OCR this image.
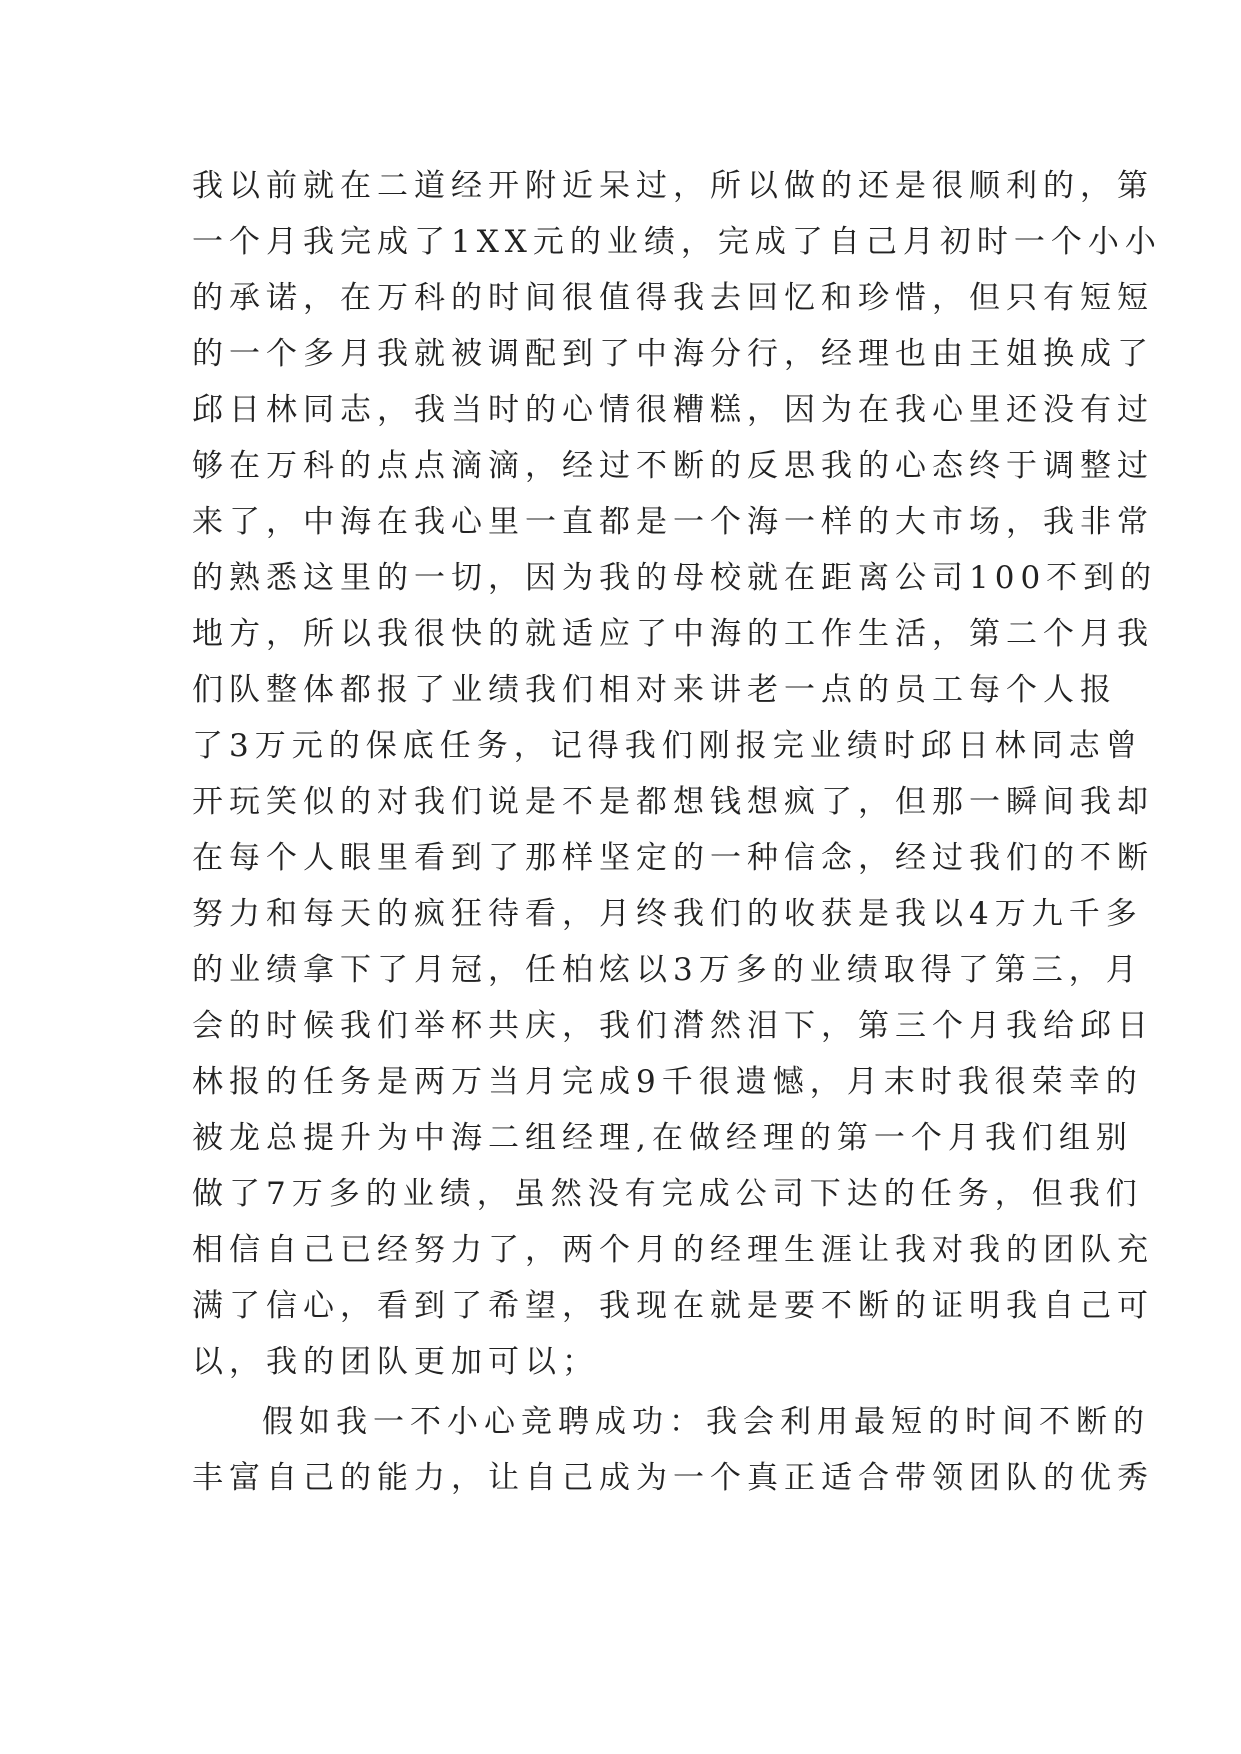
我以前就在二道经开附近呆过，所以做的还是很顺利的，第
一个月我完成了1XX元的业绩，完成了自己月初时一个小小
的承诺，在万科的时间很值得我去回忆和珍惜，但只有短短
的一个多月我就被调配到了中海分行，经理也由王姐换成了
邱日林同志，我当时的心情很糟糕，因为在我心里还没有过
够在万科的点点滴滴，经过不断的反思我的心态终于调整过
来了，中海在我心里一直都是一个海一样的大市场，我非常
的熟悉这里的一切，因为我的母校就在距离公司100不到的
地方，所以我很快的就适应了中海的工作生活，第二个月我
们队整体都报了业绩我们相对来讲老一点的员工每个人报
了3万元的保底任务，记得我们刚报完业绩时邱日林同志曾
开玩笑似的对我们说是不是都想钱想疯了，但那一瞬间我却
在每个人眼里看到了那样坚定的一种信念，经过我们的不断
努力和每天的疯狂待看，月终我们的收获是我以4万九千多
的业绩拿下了月冠，任柏炫以3万多的业绩取得了第三，月
会的时候我们举杯共庆，我们潸然泪下，第三个月我给邱日
林报的任务是两万当月完成9千很遗憾，月末时我很荣幸的
被龙总提升为中海二组经理,在做经理的第一个月我们组别
做了7万多的业绩，虽然没有完成公司下达的任务，但我们
相信自己已经努力了，两个月的经理生涯让我对我的团队充
满了信心，看到了希望，我现在就是要不断的证明我自己可
以，我的团队更加可以；
假如我一不小心竞聘成功：我会利用最短的时间不断的
丰富自己的能力，让自己成为一个真正适合带领团队的优秀
